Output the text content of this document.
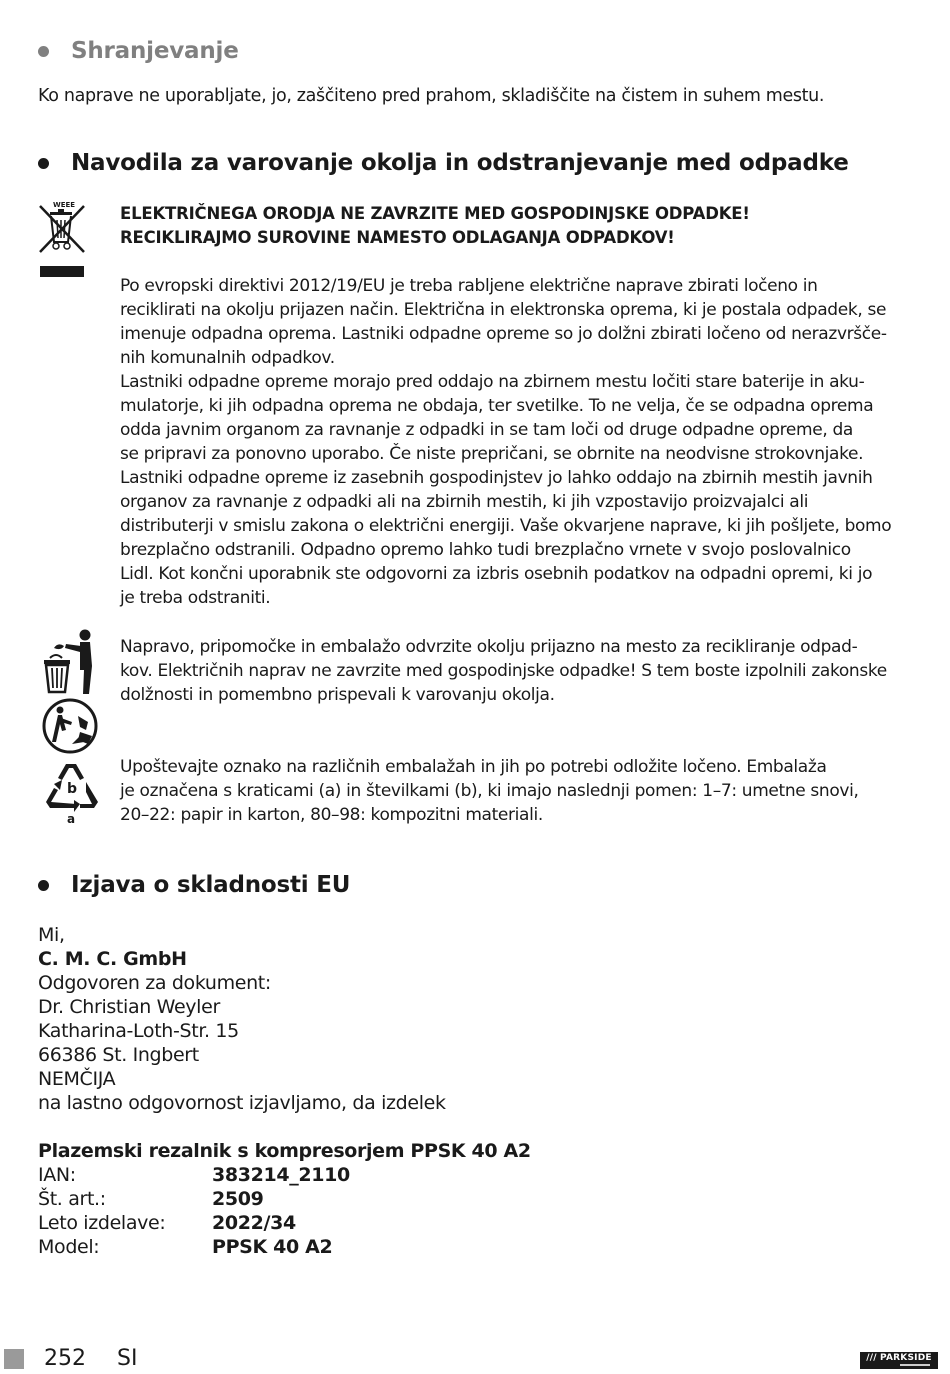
Shranjevanje

Ko naprave ne uporabljate, jo, zaščiteno pred prahom, skladiščite na čistem in suhem mestu.

Navodila za varovanje okolja in odstranjevanje med odpadke
WEEE	ELEKTRIČNEGA ORODJA NE ZAVRZITE MED GOSPODINJSKE ODPADKE!
RECIKLIRAJMO SUROVINE NAMESTO ODLAGANJA ODPADKOV!
Po evropski direktivi 2012/19/EU je treba rabljene električne naprave zbirati ločeno in
reciklirati na okolju prijazen način. Električna in elektronska oprema, ki je postala odpadek, se
imenuje odpadna oprema. Lastniki odpadne opreme so jo dolžni zbirati ločeno od nerazvršče-
nih komunalnih odpadkov.
Lastniki odpadne opreme morajo pred oddajo na zbirnem mestu ločiti stare baterije in aku-
mulatorje, ki jih odpadna oprema ne obdaja, ter svetilke. To ne velja, če se odpadna oprema
odda javnim organom za ravnanje z odpadki in se tam loči od druge odpadne opreme, da
se pripravi za ponovno uporabo. Če niste prepričani, se obrnite na neodvisne strokovnjake.
Lastniki odpadne opreme iz zasebnih gospodinjstev jo lahko oddajo na zbirnih mestih javnih
organov za ravnanje z odpadki ali na zbirnih mestih, ki jih vzpostavijo proizvajalci ali
distributerji v smislu zakona o električni energiji. Vaše okvarjene naprave, ki jih pošljete, bomo
brezplačno odstranili. Odpadno opremo lahko tudi brezplačno vrnete v svojo poslovalnico
Lidl. Kot končni uporabnik ste odgovorni za izbris osebnih podatkov na odpadni opremi, ki jo
je treba odstraniti.
Napravo, pripomočke in embalažo odvrzite okolju prijazno na mesto za recikliranje odpad-
kov. Električnih naprav ne zavrzite med gospodinjske odpadke! S tem boste izpolnili zakonske
dolžnosti in pomembno prispevali k varovanju okolja.
b
a
Upoštevajte oznako na različnih embalažah in jih po potrebi odložite ločeno. Embalaža
je označena s kraticami (a) in številkami (b), ki imajo naslednji pomen: 1–7: umetne snovi,
20–22: papir in karton, 80–98: kompozitni materiali.
Izjava o skladnosti EU
Mi,
C. M. C. GmbH
Odgovoren za dokument:
Dr. Christian Weyler
Katharina-Loth-Str. 15
66386 St. Ingbert
NEMČIJA
na lastno odgovornost izjavljamo, da izdelek
Plazemski rezalnik s kompresorjem PPSK 40 A2
IAN:	383214_2110
Št. art.:	2509
Leto izdelave: 2022/34
Model:	PPSK 40 A2
252 SI	/// PARKSIDE
